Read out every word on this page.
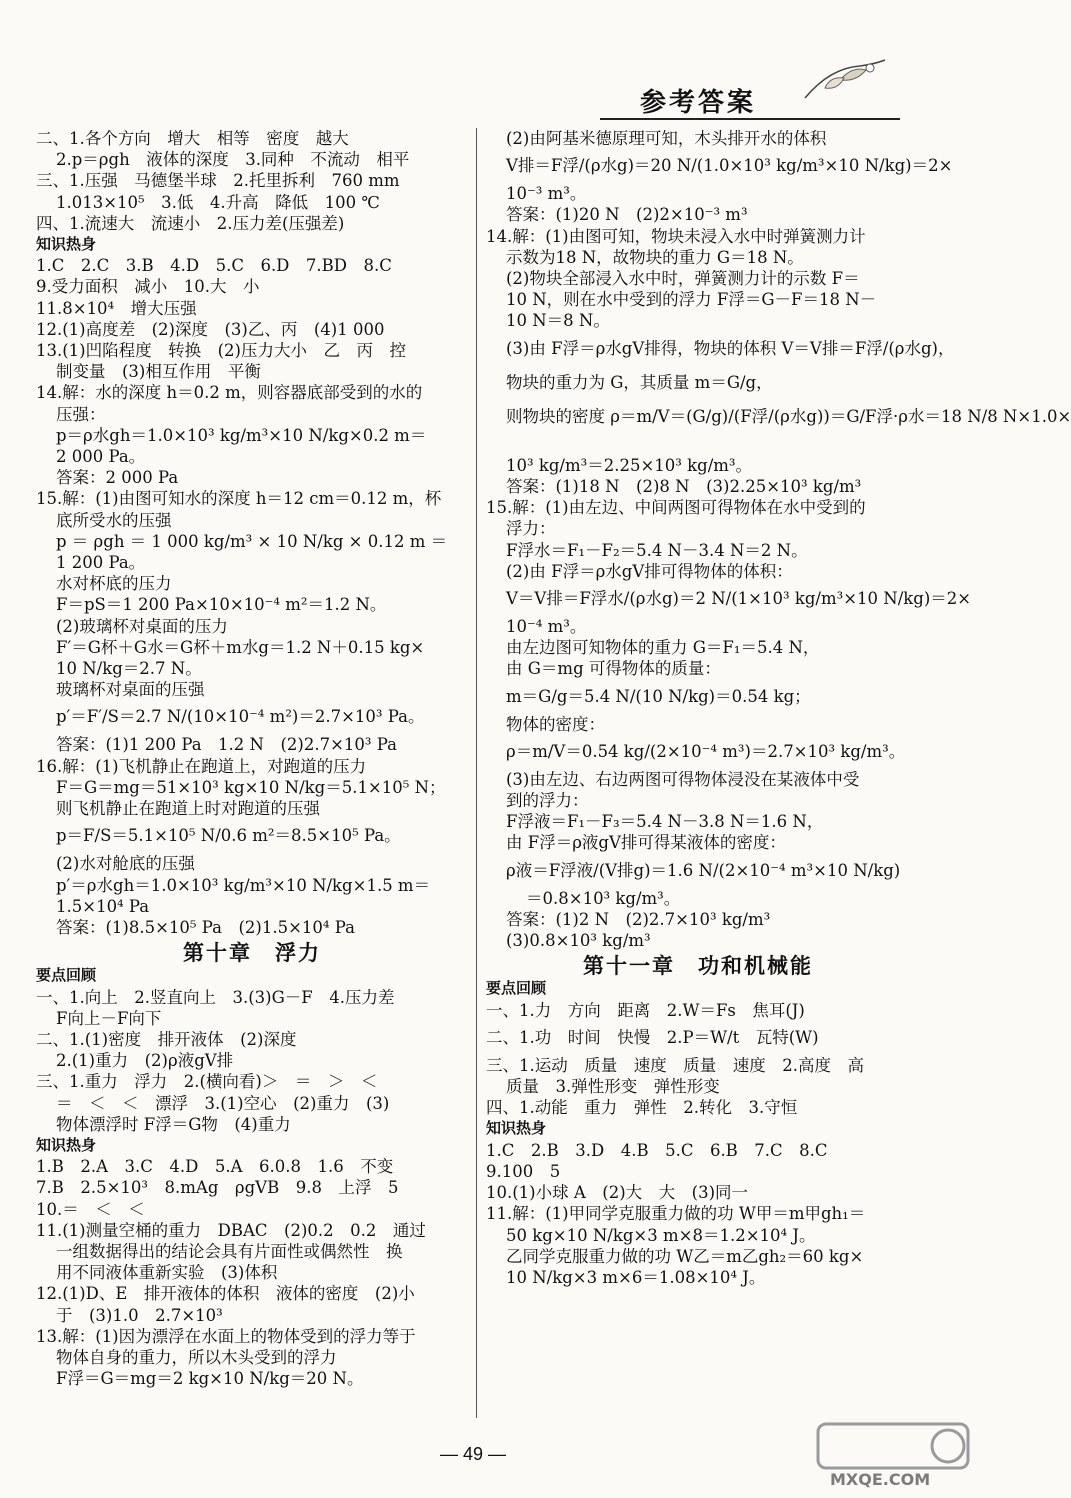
参考答案
二、1.各个方向　增大　相等　密度　越大
2.p＝ρgh　液体的深度　3.同种　不流动　相平
三、1.压强　马德堡半球　2.托里拆利　760 mm
1.013×10⁵　3.低　4.升高　降低　100 ℃
四、1.流速大　流速小　2.压力差(压强差)
知识热身
1.C　2.C　3.B　4.D　5.C　6.D　7.BD　8.C
9.受力面积　减小　10.大　小
11.8×10⁴　增大压强
12.(1)高度差　(2)深度　(3)乙、丙　(4)1 000
13.(1)凹陷程度　转换　(2)压力大小　乙　丙　控
制变量　(3)相互作用　平衡
14.解：水的深度 h＝0.2 m，则容器底部受到的水的
压强：
p＝ρ水gh＝1.0×10³ kg/m³×10 N/kg×0.2 m＝
2 000 Pa。
答案：2 000 Pa
15.解：(1)由图可知水的深度 h＝12 cm＝0.12 m，杯
底所受水的压强
p ＝ ρgh ＝ 1 000 kg/m³ × 10 N/kg × 0.12 m ＝
1 200 Pa。
水对杯底的压力
F＝pS＝1 200 Pa×10×10⁻⁴ m²＝1.2 N。
(2)玻璃杯对桌面的压力
F′＝G杯＋G水＝G杯＋m水g＝1.2 N＋0.15 kg×
10 N/kg＝2.7 N。
玻璃杯对桌面的压强
p′＝F′/S＝2.7 N/(10×10⁻⁴ m²)＝2.7×10³ Pa。
答案：(1)1 200 Pa　1.2 N　(2)2.7×10³ Pa
16.解：(1)飞机静止在跑道上，对跑道的压力
F＝G＝mg＝51×10³ kg×10 N/kg＝5.1×10⁵ N；
则飞机静止在跑道上时对跑道的压强
p＝F/S＝5.1×10⁵ N/0.6 m²＝8.5×10⁵ Pa。
(2)水对舱底的压强
p′＝ρ水gh＝1.0×10³ kg/m³×10 N/kg×1.5 m＝
1.5×10⁴ Pa
答案：(1)8.5×10⁵ Pa　(2)1.5×10⁴ Pa
第十章　浮力
要点回顾
一、1.向上　2.竖直向上　3.(3)G－F　4.压力差
F向上－F向下
二、1.(1)密度　排开液体　(2)深度
2.(1)重力　(2)ρ液gV排
三、1.重力　浮力　2.(横向看)＞　＝　＞　＜
＝　＜　＜　漂浮　3.(1)空心　(2)重力　(3)
物体漂浮时 F浮＝G物　(4)重力
知识热身
1.B　2.A　3.C　4.D　5.A　6.0.8　1.6　不变
7.B　2.5×10³　8.mAg　ρgVB　9.8　上浮　5
10.＝　＜　＜
11.(1)测量空桶的重力　DBAC　(2)0.2　0.2　通过
一组数据得出的结论会具有片面性或偶然性　换
用不同液体重新实验　(3)体积
12.(1)D、E　排开液体的体积　液体的密度　(2)小
于　(3)1.0　2.7×10³
13.解：(1)因为漂浮在水面上的物体受到的浮力等于
物体自身的重力，所以木头受到的浮力
F浮＝G＝mg＝2 kg×10 N/kg＝20 N。
(2)由阿基米德原理可知，木头排开水的体积
V排＝F浮/(ρ水g)＝20 N/(1.0×10³ kg/m³×10 N/kg)＝2×
10⁻³ m³。
答案：(1)20 N　(2)2×10⁻³ m³
14.解：(1)由图可知，物块未浸入水中时弹簧测力计
示数为18 N，故物块的重力 G＝18 N。
(2)物块全部浸入水中时，弹簧测力计的示数 F＝
10 N，则在水中受到的浮力 F浮＝G－F＝18 N－
10 N＝8 N。
(3)由 F浮＝ρ水gV排得，物块的体积 V＝V排＝F浮/(ρ水g)，
物块的重力为 G，其质量 m＝G/g，
则物块的密度 ρ＝m/V＝(G/g)/(F浮/(ρ水g))＝G/F浮·ρ水＝18 N/8 N×1.0×
10³ kg/m³＝2.25×10³ kg/m³。
答案：(1)18 N　(2)8 N　(3)2.25×10³ kg/m³
15.解：(1)由左边、中间两图可得物体在水中受到的
浮力：
F浮水＝F₁－F₂＝5.4 N－3.4 N＝2 N。
(2)由 F浮＝ρ水gV排可得物体的体积：
V＝V排＝F浮水/(ρ水g)＝2 N/(1×10³ kg/m³×10 N/kg)＝2×
10⁻⁴ m³。
由左边图可知物体的重力 G＝F₁＝5.4 N，
由 G＝mg 可得物体的质量：
m＝G/g＝5.4 N/(10 N/kg)＝0.54 kg；
物体的密度：
ρ＝m/V＝0.54 kg/(2×10⁻⁴ m³)＝2.7×10³ kg/m³。
(3)由左边、右边两图可得物体浸没在某液体中受
到的浮力：
F浮液＝F₁－F₃＝5.4 N－3.8 N＝1.6 N，
由 F浮＝ρ液gV排可得某液体的密度：
ρ液＝F浮液/(V排g)＝1.6 N/(2×10⁻⁴ m³×10 N/kg)
＝0.8×10³ kg/m³。
答案：(1)2 N　(2)2.7×10³ kg/m³
(3)0.8×10³ kg/m³
第十一章　功和机械能
要点回顾
一、1.力　方向　距离　2.W＝Fs　焦耳(J)
二、1.功　时间　快慢　2.P＝W/t　瓦特(W)
三、1.运动　质量　速度　质量　速度　2.高度　高
质量　3.弹性形变　弹性形变
四、1.动能　重力　弹性　2.转化　3.守恒
知识热身
1.C　2.B　3.D　4.B　5.C　6.B　7.C　8.C
9.100　5
10.(1)小球 A　(2)大　大　(3)同一
11.解：(1)甲同学克服重力做的功 W甲＝m甲gh₁＝
50 kg×10 N/kg×3 m×8＝1.2×10⁴ J。
乙同学克服重力做的功 W乙＝m乙gh₂＝60 kg×
10 N/kg×3 m×6＝1.08×10⁴ J。
— 49 —
MXQE.COM
